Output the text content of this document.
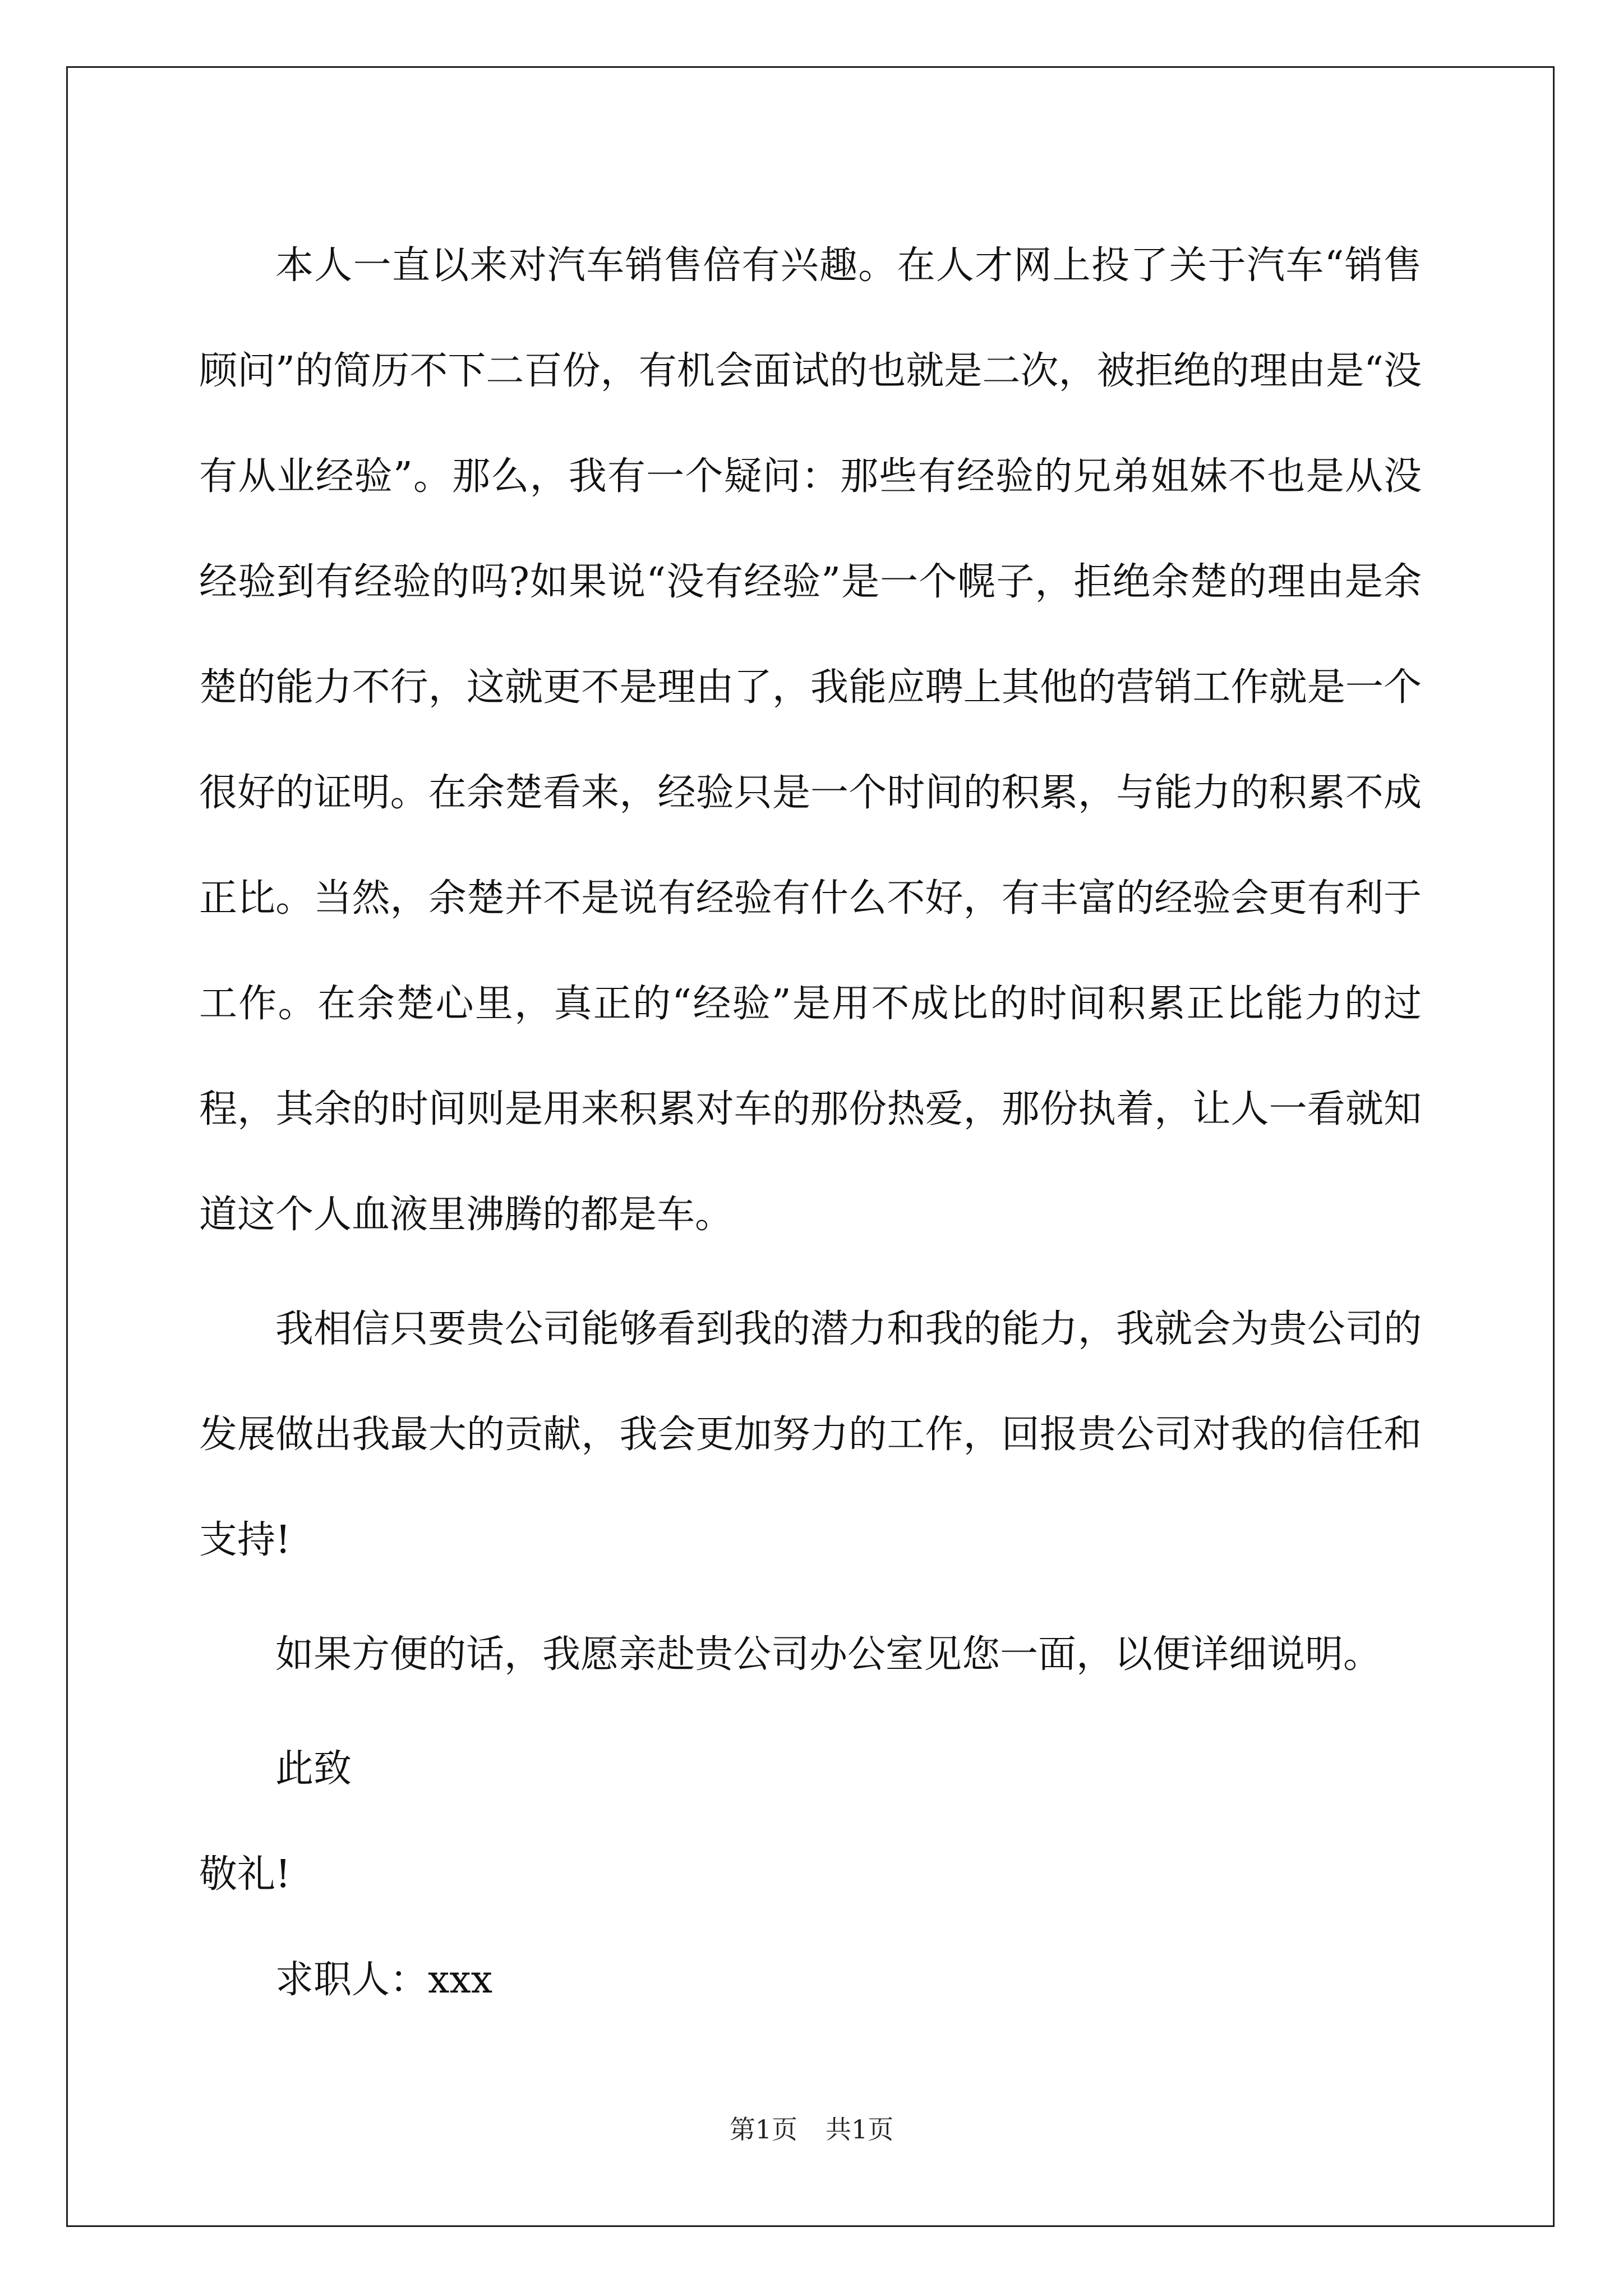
本人一直以来对汽车销售倍有兴趣。在人才网上投了关于汽车“销售顾问”的简历不下二百份，有机会面试的也就是二次，被拒绝的理由是“没有从业经验”。那么，我有一个疑问：那些有经验的兄弟姐妹不也是从没经验到有经验的吗?如果说“没有经验”是一个幌子，拒绝余楚的理由是余楚的能力不行，这就更不是理由了，我能应聘上其他的营销工作就是一个很好的证明。在余楚看来，经验只是一个时间的积累，与能力的积累不成正比。当然，余楚并不是说有经验有什么不好，有丰富的经验会更有利于工作。在余楚心里，真正的“经验”是用不成比的时间积累正比能力的过程，其余的时间则是用来积累对车的那份热爱，那份执着，让人一看就知道这个人血液里沸腾的都是车。

我相信只要贵公司能够看到我的潜力和我的能力，我就会为贵公司的发展做出我最大的贡献，我会更加努力的工作，回报贵公司对我的信任和支持!

如果方便的话，我愿亲赴贵公司办公室见您一面，以便详细说明。

此致

敬礼!

求职人：xxx

第1页 共1页
